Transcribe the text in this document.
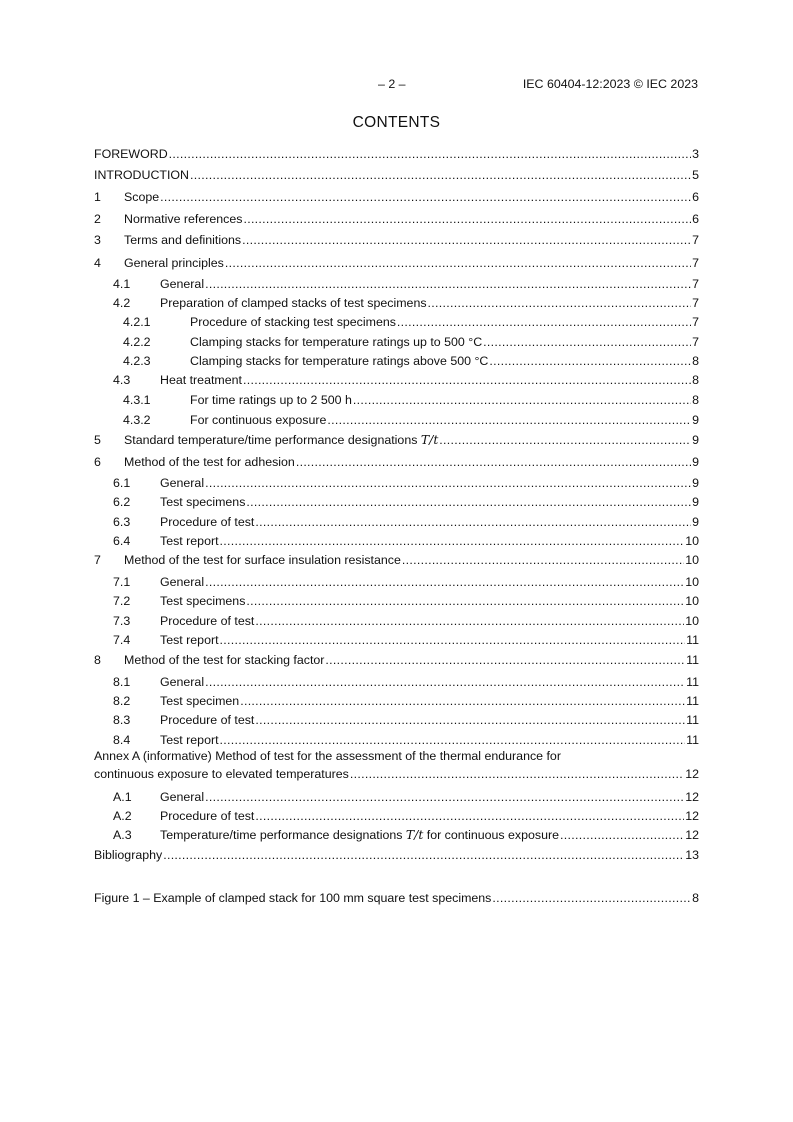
– 2 –	IEC 60404-12:2023 © IEC 2023
CONTENTS
FOREWORD .....	3
INTRODUCTION .....	5
1 Scope .....	6
2 Normative references .....	6
3 Terms and definitions .....	7
4 General principles .....	7
4.1 General .....	7
4.2 Preparation of clamped stacks of test specimens .....	7
4.2.1	Procedure of stacking test specimens .....	7
4.2.2	Clamping stacks for temperature ratings up to 500 °C .....	7
4.2.3	Clamping stacks for temperature ratings above 500 °C .....	8
4.3 Heat treatment .....	8
4.3.1	For time ratings up to 2 500 h .....	8
4.3.2	For continuous exposure .....	9
5 Standard temperature/time performance designations T/t .....	9
6 Method of the test for adhesion .....	9
6.1 General .....	9
6.2 Test specimens .....	9
6.3 Procedure of test .....	9
6.4 Test report .....	10
7 Method of the test for surface insulation resistance .....	10
7.1 General .....	10
7.2 Test specimens .....	10
7.3 Procedure of test .....	10
7.4 Test report .....	11
8 Method of the test for stacking factor .....	11
8.1 General .....	11
8.2 Test specimen .....	11
8.3 Procedure of test .....	11
8.4 Test report .....	11
Annex A (informative) Method of test for the assessment of the thermal endurance for
continuous exposure to elevated temperatures .....	12
A.1 General .....	12
A.2 Procedure of test .....	12
A.3 Temperature/time performance designations T/t for continuous exposure .....	12
Bibliography .....	13
Figure 1 – Example of clamped stack for 100 mm square test specimens .....	8
